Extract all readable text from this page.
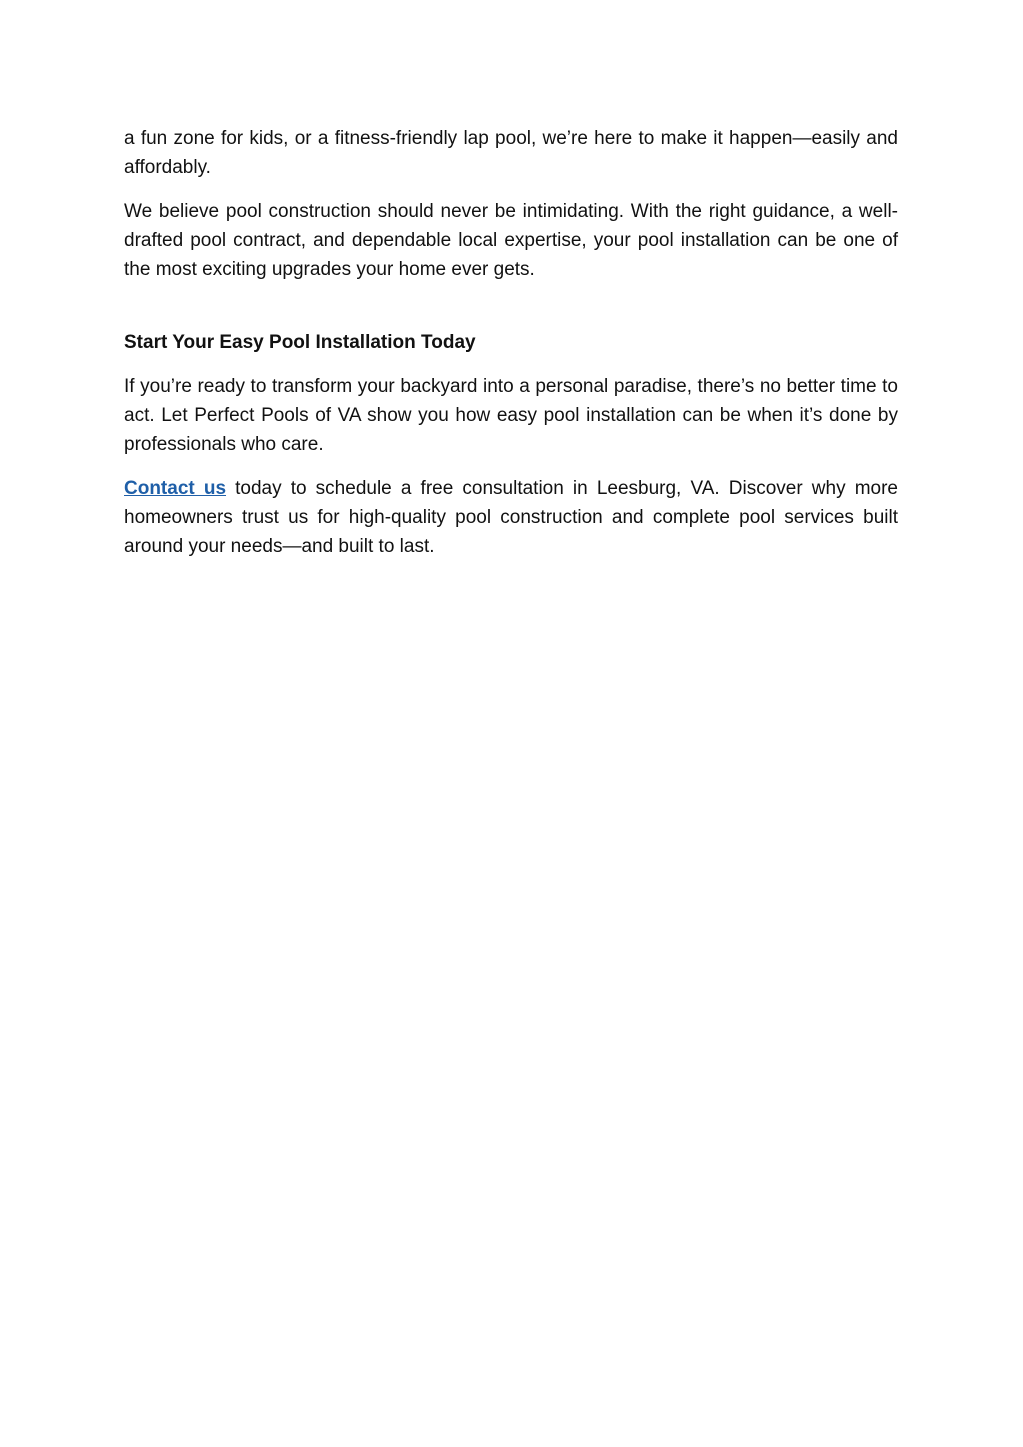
a fun zone for kids, or a fitness-friendly lap pool, we’re here to make it happen—easily and affordably.

We believe pool construction should never be intimidating. With the right guidance, a well-drafted pool contract, and dependable local expertise, your pool installation can be one of the most exciting upgrades your home ever gets.

Start Your Easy Pool Installation Today

If you’re ready to transform your backyard into a personal paradise, there’s no better time to act. Let Perfect Pools of VA show you how easy pool installation can be when it’s done by professionals who care.

Contact us today to schedule a free consultation in Leesburg, VA. Discover why more homeowners trust us for high-quality pool construction and complete pool services built around your needs—and built to last.
